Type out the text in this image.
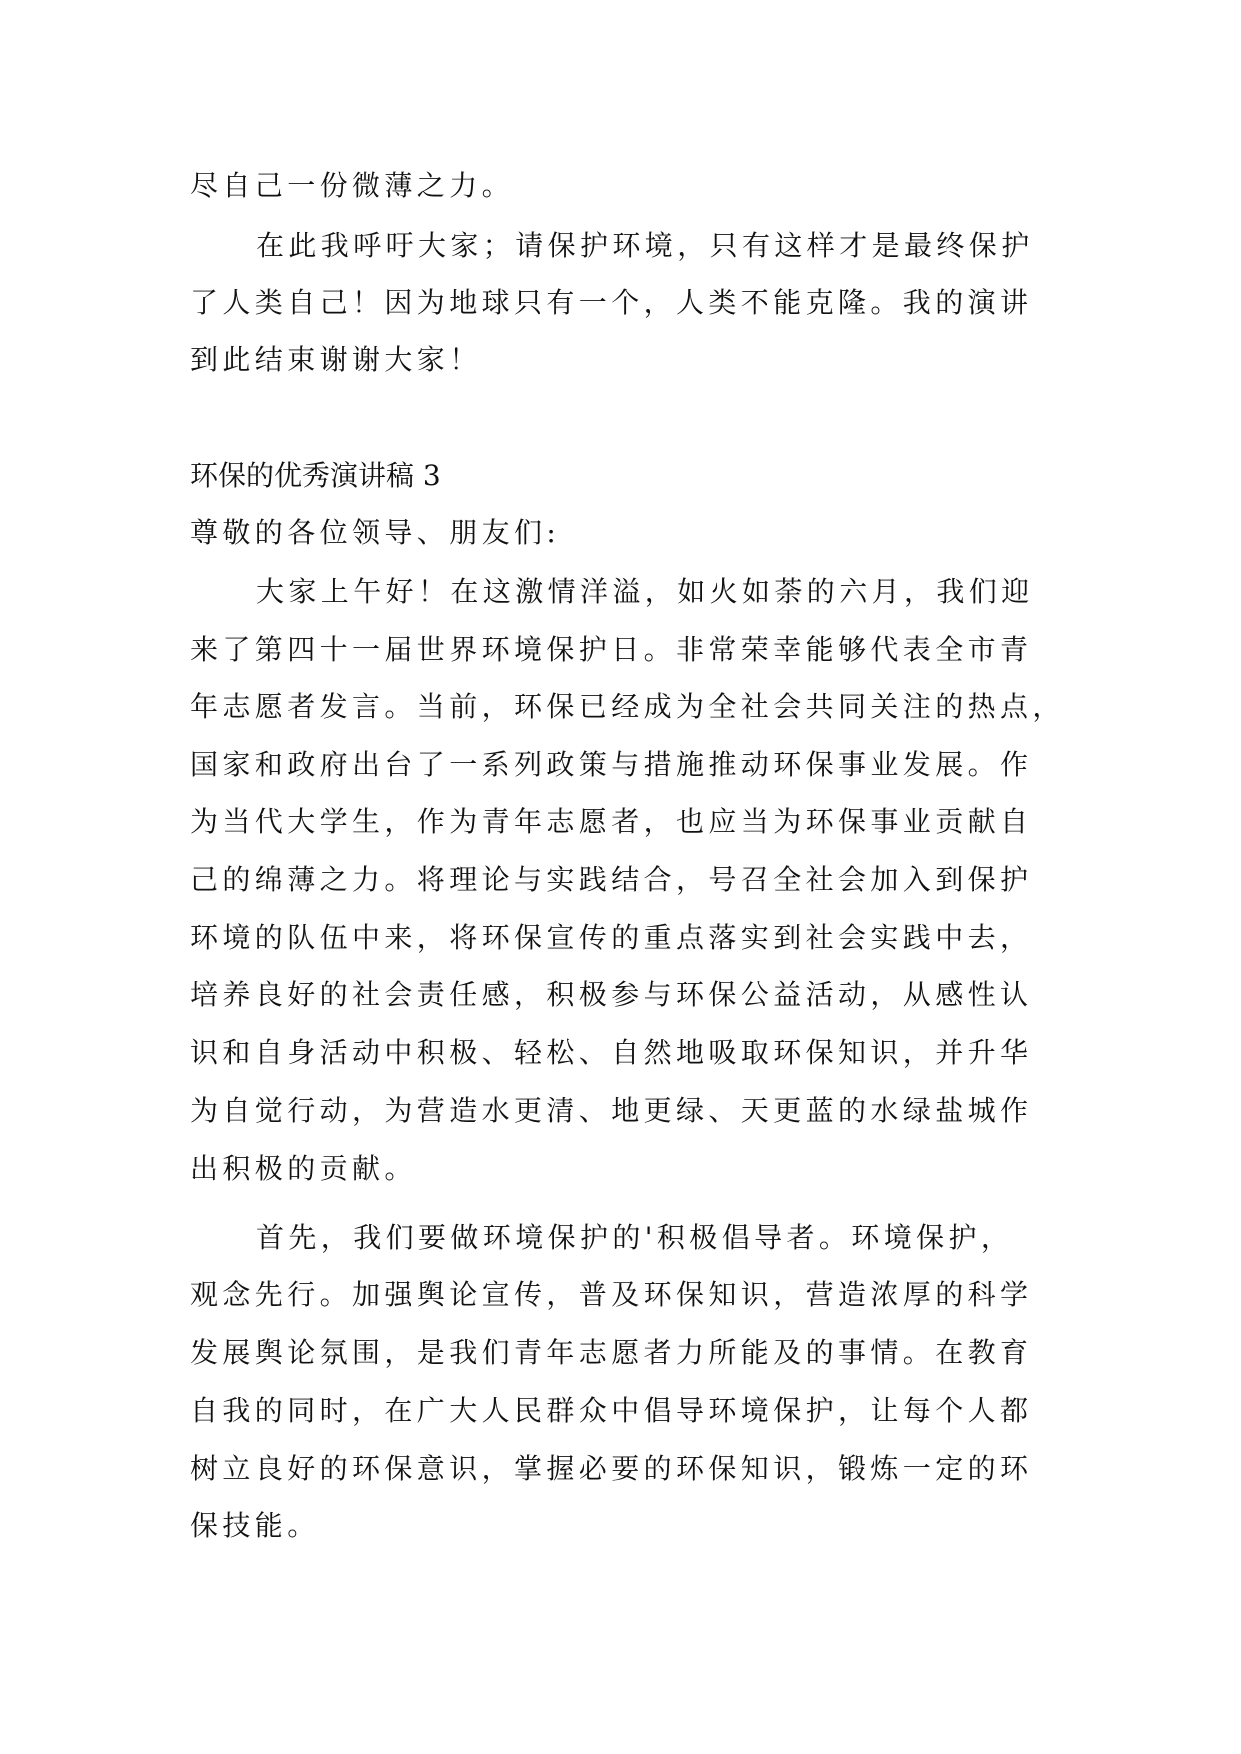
尽自己一份微薄之力。
在此我呼吁大家；请保护环境，只有这样才是最终保护
了人类自己！因为地球只有一个，人类不能克隆。我的演讲
到此结束谢谢大家！
环保的优秀演讲稿 3
尊敬的各位领导、朋友们:
大家上午好！在这激情洋溢，如火如荼的六月，我们迎
来了第四十一届世界环境保护日。非常荣幸能够代表全市青
年志愿者发言。当前，环保已经成为全社会共同关注的热点，
国家和政府出台了一系列政策与措施推动环保事业发展。作
为当代大学生，作为青年志愿者，也应当为环保事业贡献自
己的绵薄之力。将理论与实践结合，号召全社会加入到保护
环境的队伍中来，将环保宣传的重点落实到社会实践中去，
培养良好的社会责任感，积极参与环保公益活动，从感性认
识和自身活动中积极、轻松、自然地吸取环保知识，并升华
为自觉行动，为营造水更清、地更绿、天更蓝的水绿盐城作
出积极的贡献。
首先，我们要做环境保护的'积极倡导者。环境保护，
观念先行。加强舆论宣传，普及环保知识，营造浓厚的科学
发展舆论氛围，是我们青年志愿者力所能及的事情。在教育
自我的同时，在广大人民群众中倡导环境保护，让每个人都
树立良好的环保意识，掌握必要的环保知识，锻炼一定的环
保技能。
